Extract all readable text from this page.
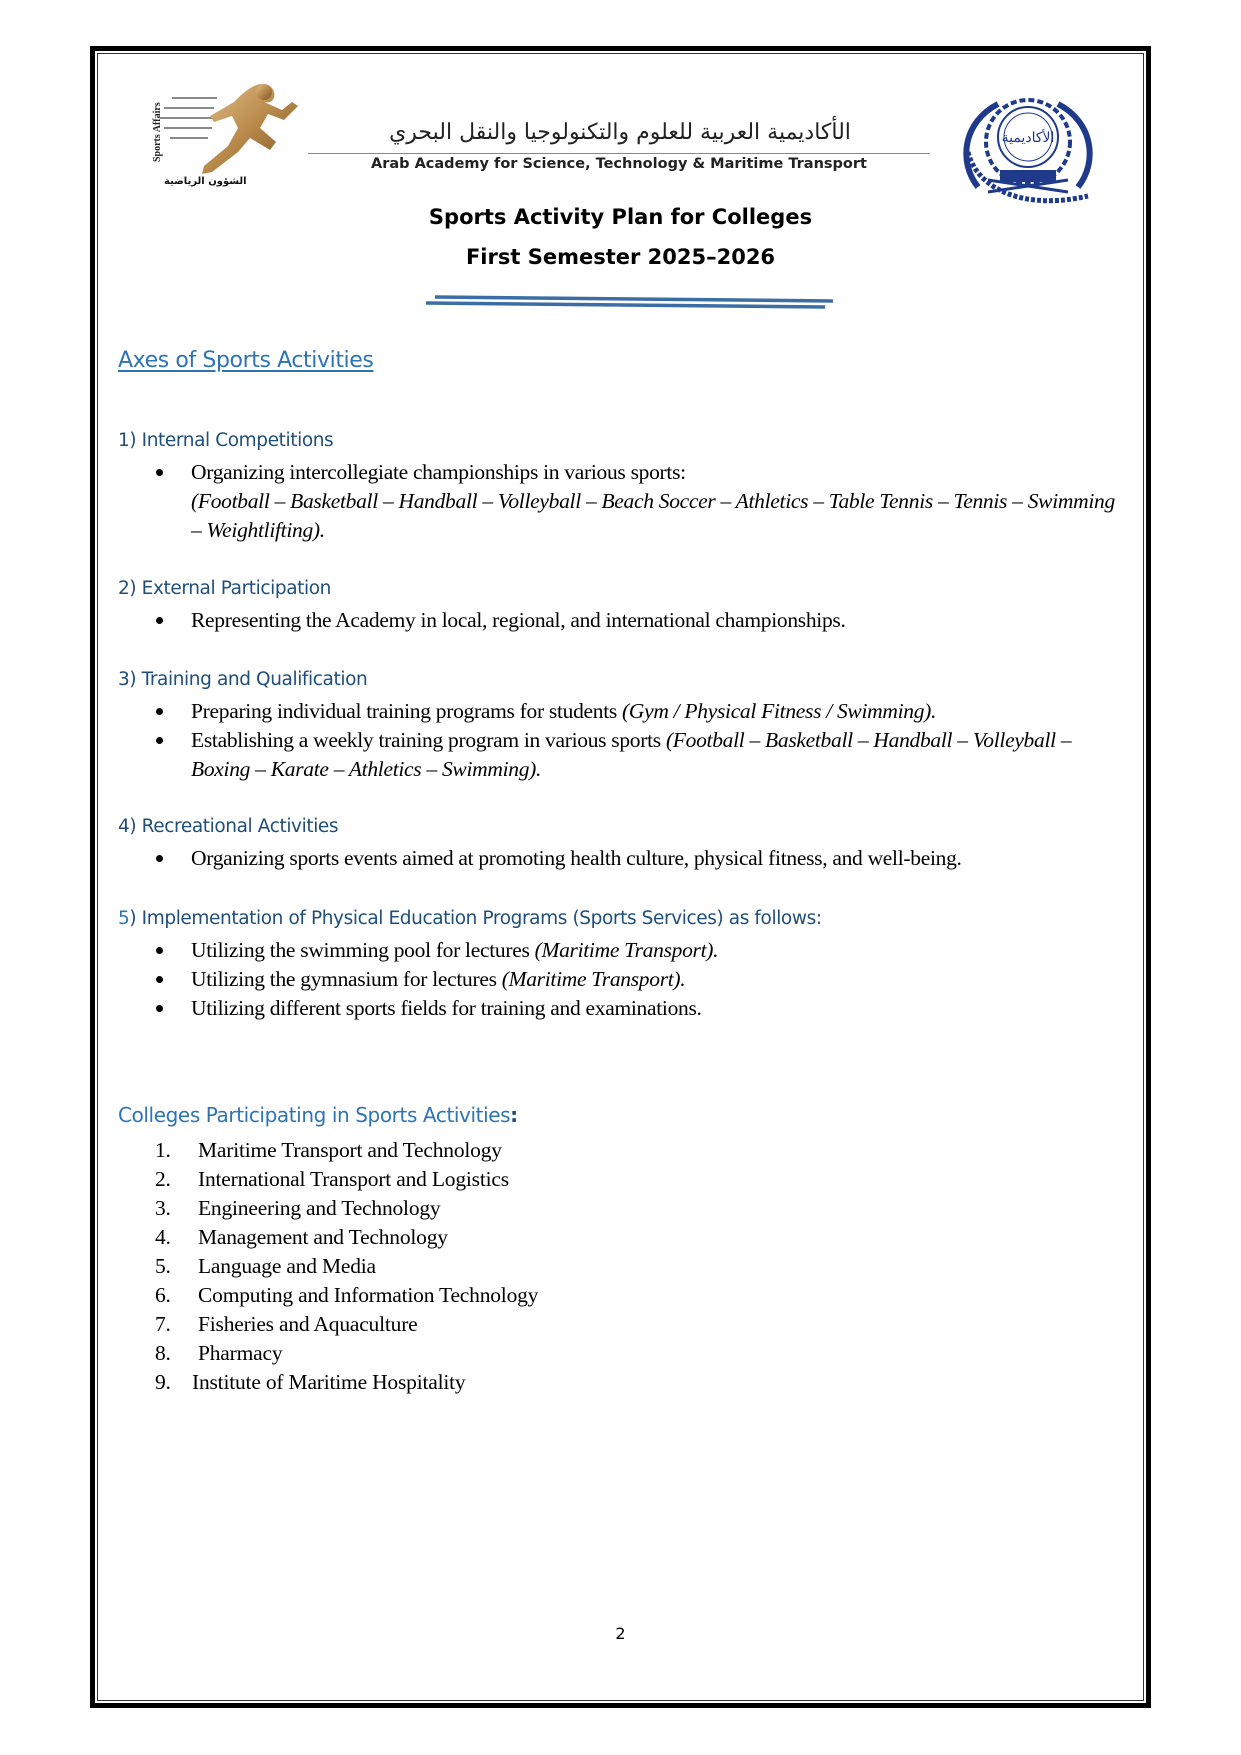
Sports Affairs
الشؤون الرياضية
الأكاديمية العربية للعلوم والتكنولوجيا والنقل البحري
Arab Academy for Science, Technology & Maritime Transport
الأكاديمية
Sports Activity Plan for Colleges
First Semester 2025–2026
Axes of Sports Activities
1) Internal Competitions
Organizing intercollegiate championships in various sports:
(Football – Basketball – Handball – Volleyball – Beach Soccer – Athletics – Table Tennis – Tennis – Swimming – Weightlifting).
2) External Participation
Representing the Academy in local, regional, and international championships.
3) Training and Qualification
Preparing individual training programs for students (Gym / Physical Fitness / Swimming).
Establishing a weekly training program in various sports (Football – Basketball – Handball – Volleyball – Boxing – Karate – Athletics – Swimming).
4) Recreational Activities
Organizing sports events aimed at promoting health culture, physical fitness, and well-being.
5) Implementation of Physical Education Programs (Sports Services) as follows:
Utilizing the swimming pool for lectures (Maritime Transport).
Utilizing the gymnasium for lectures (Maritime Transport).
Utilizing different sports fields for training and examinations.
Colleges Participating in Sports Activities:
1. Maritime Transport and Technology
2. International Transport and Logistics
3. Engineering and Technology
4. Management and Technology
5. Language and Media
6. Computing and Information Technology
7. Fisheries and Aquaculture
8. Pharmacy
9. Institute of Maritime Hospitality
2
